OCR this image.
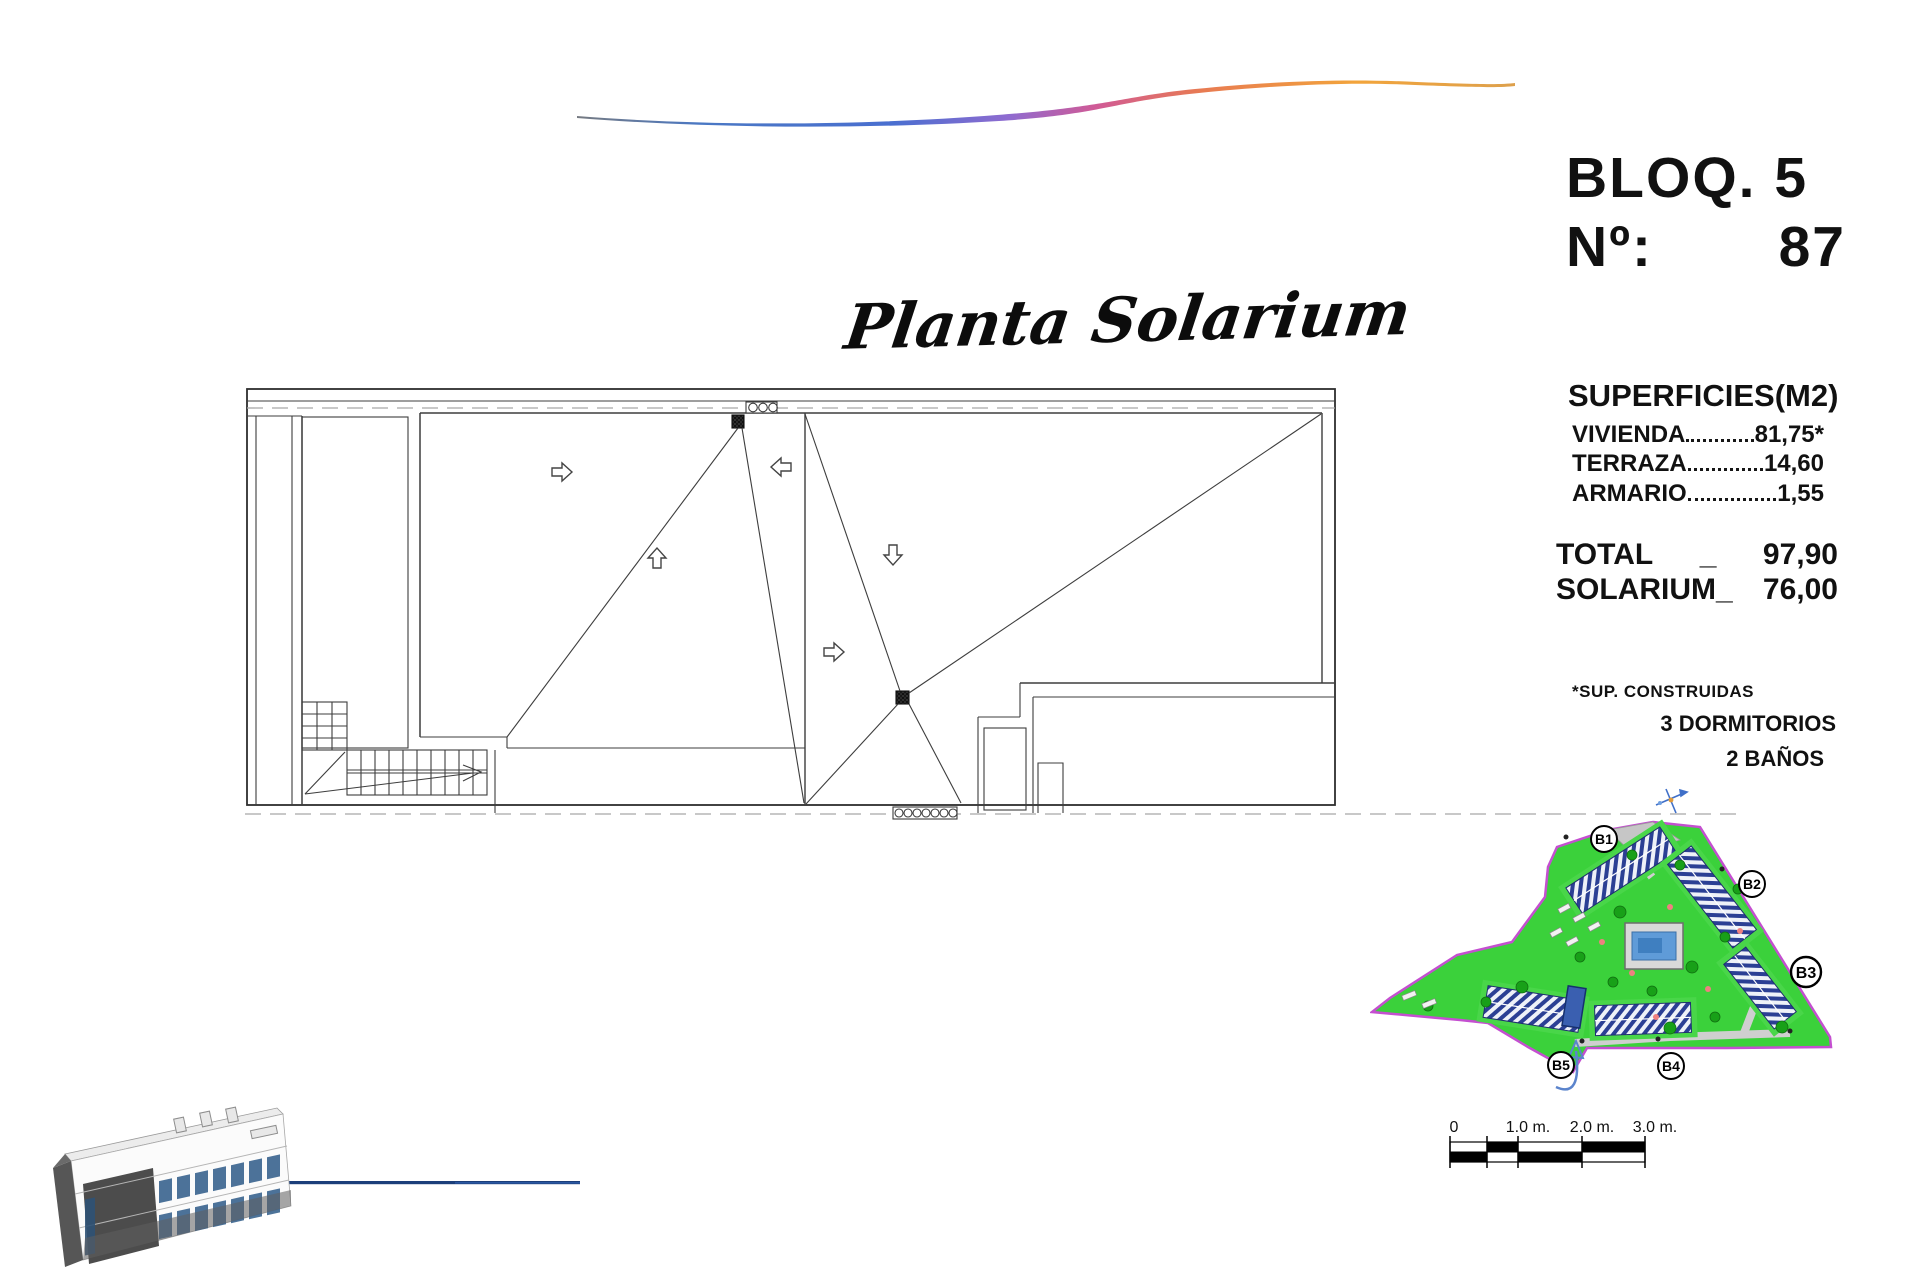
Planta Solarium
BLOQ. 5
Nº: 87
SUPERFICIES(M2)
VIVIENDA	81,75*
TERRAZA	14,60
ARMARIO	1,55
TOTAL _ 97,90
SOLARIUM_ 76,00
*SUP. CONSTRUIDAS
3 DORMITORIOS
2 BAÑOS
B1
B2
B3
B4
B5
0	1.0 m. 2.0 m. 3.0 m.
